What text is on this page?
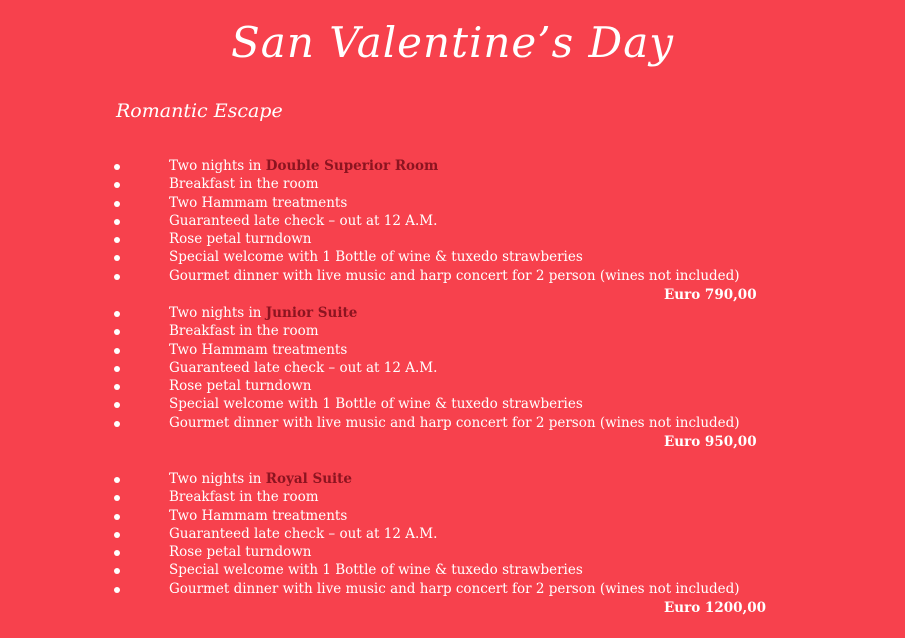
San Valentine’s Day
Romantic Escape
Two nights in Double Superior Room
Breakfast in the room
Two Hammam treatments
Guaranteed late check – out at 12 A.M.
Rose petal turndown
Special welcome with 1 Bottle of wine & tuxedo strawberies
Gourmet dinner with live music and harp concert for 2 person (wines not included)
Euro 790,00
Two nights in Junior Suite
Breakfast in the room
Two Hammam treatments
Guaranteed late check – out at 12 A.M.
Rose petal turndown
Special welcome with 1 Bottle of wine & tuxedo strawberies
Gourmet dinner with live music and harp concert for 2 person (wines not included)
Euro 950,00
Two nights in Royal Suite
Breakfast in the room
Two Hammam treatments
Guaranteed late check – out at 12 A.M.
Rose petal turndown
Special welcome with 1 Bottle of wine & tuxedo strawberies
Gourmet dinner with live music and harp concert for 2 person (wines not included)
Euro 1200,00
